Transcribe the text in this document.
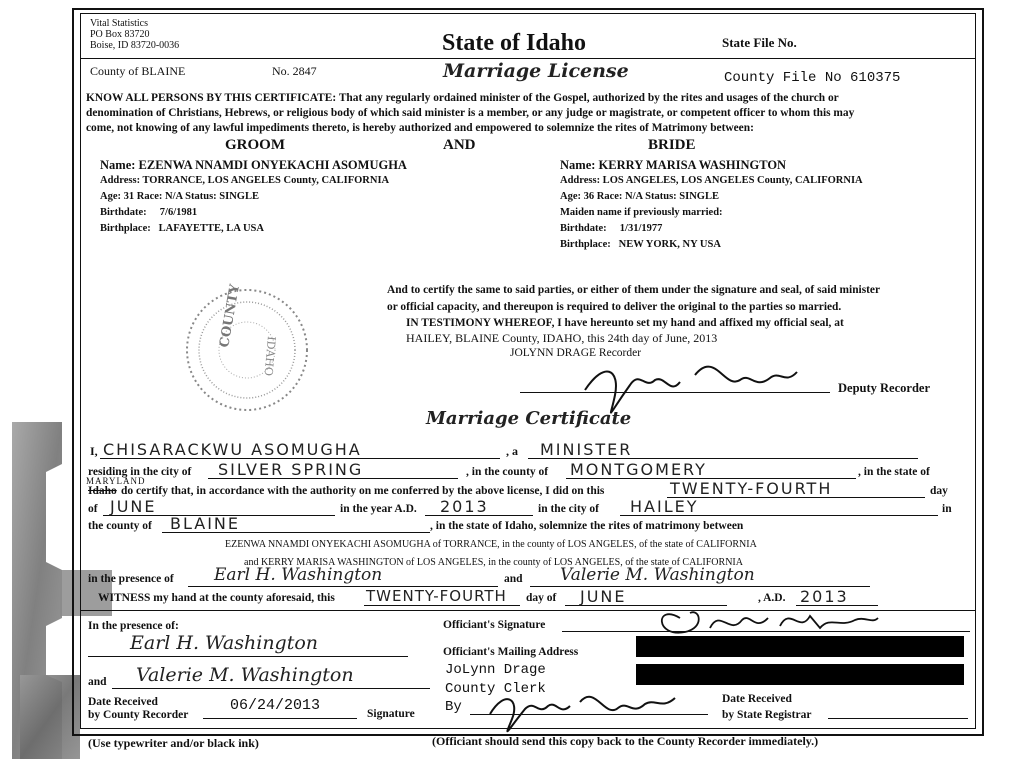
Vital Statistics
PO Box 83720
Boise, ID 83720-0036	State of Idaho	State File No.
County of BLAINE	No. 2847	Marriage License	County File No 610375
KNOW ALL PERSONS BY THIS CERTIFICATE: That any regularly ordained minister of the Gospel, authorized by the rites and usages of the church or
denomination of Christians, Hebrews, or religious body of which said minister is a member, or any judge or magistrate, or competent officer to whom this may
come, not knowing of any lawful impediments thereto, is hereby authorized and empowered to solemnize the rites of Matrimony between:
GROOM	AND	BRIDE
Name: EZENWA NNAMDI ONYEKACHI ASOMUGHA
Address: TORRANCE, LOS ANGELES County, CALIFORNIA
Age: 31 Race: N/A Status: SINGLE
Birthdate: 7/6/1981
Birthplace: LAFAYETTE, LA USA
Name: KERRY MARISA WASHINGTON
Address: LOS ANGELES, LOS ANGELES County, CALIFORNIA
Age: 36 Race: N/A Status: SINGLE
Maiden name if previously married:
Birthdate: 1/31/1977
Birthplace: NEW YORK, NY USA
COUNTY
IDAHO
And to certify the same to said parties, or either of them under the signature and seal, of said minister
or official capacity, and thereupon is required to deliver the original to the parties so married.
IN TESTIMONY WHEREOF, I have hereunto set my hand and affixed my official seal, at
HAILEY, BLAINE County, IDAHO, this 24th day of June, 2013
JOLYNN DRAGE Recorder
Deputy Recorder
Marriage Certificate
I, CHISARACKWU ASOMUGHA	, a MINISTER
residing in the city of SILVER SPRING	, in the county of MONTGOMERY	, in the state of
MARYLAND
Idaho do certify that, in accordance with the authority on me conferred by the above license, I did on this	TWENTY-FOURTH	day
of JUNE	in the year A.D. 2013	in the city of HAILEY	in
the county of BLAINE	, in the state of Idaho, solemnize the rites of matrimony between
EZENWA NNAMDI ONYEKACHI ASOMUGHA of TORRANCE, in the county of LOS ANGELES, of the state of CALIFORNIA
and KERRY MARISA WASHINGTON of LOS ANGELES, in the county of LOS ANGELES, of the state of CALIFORNIA
in the presence of Earl H. Washington	and Valerie M. Washington
WITNESS my hand at the county aforesaid, this TWENTY-FOURTH day of JUNE	, A.D. 2013
In the presence of:
Earl H. Washington
and Valerie M. Washington
Officiant's Signature
Officiant's Mailing Address
JoLynn Drage
County Clerk
By
Date Received
by County Recorder
06/24/2013	Signature
Date Received
by State Registrar
(Use typewriter and/or black ink)	(Officiant should send this copy back to the County Recorder immediately.)
